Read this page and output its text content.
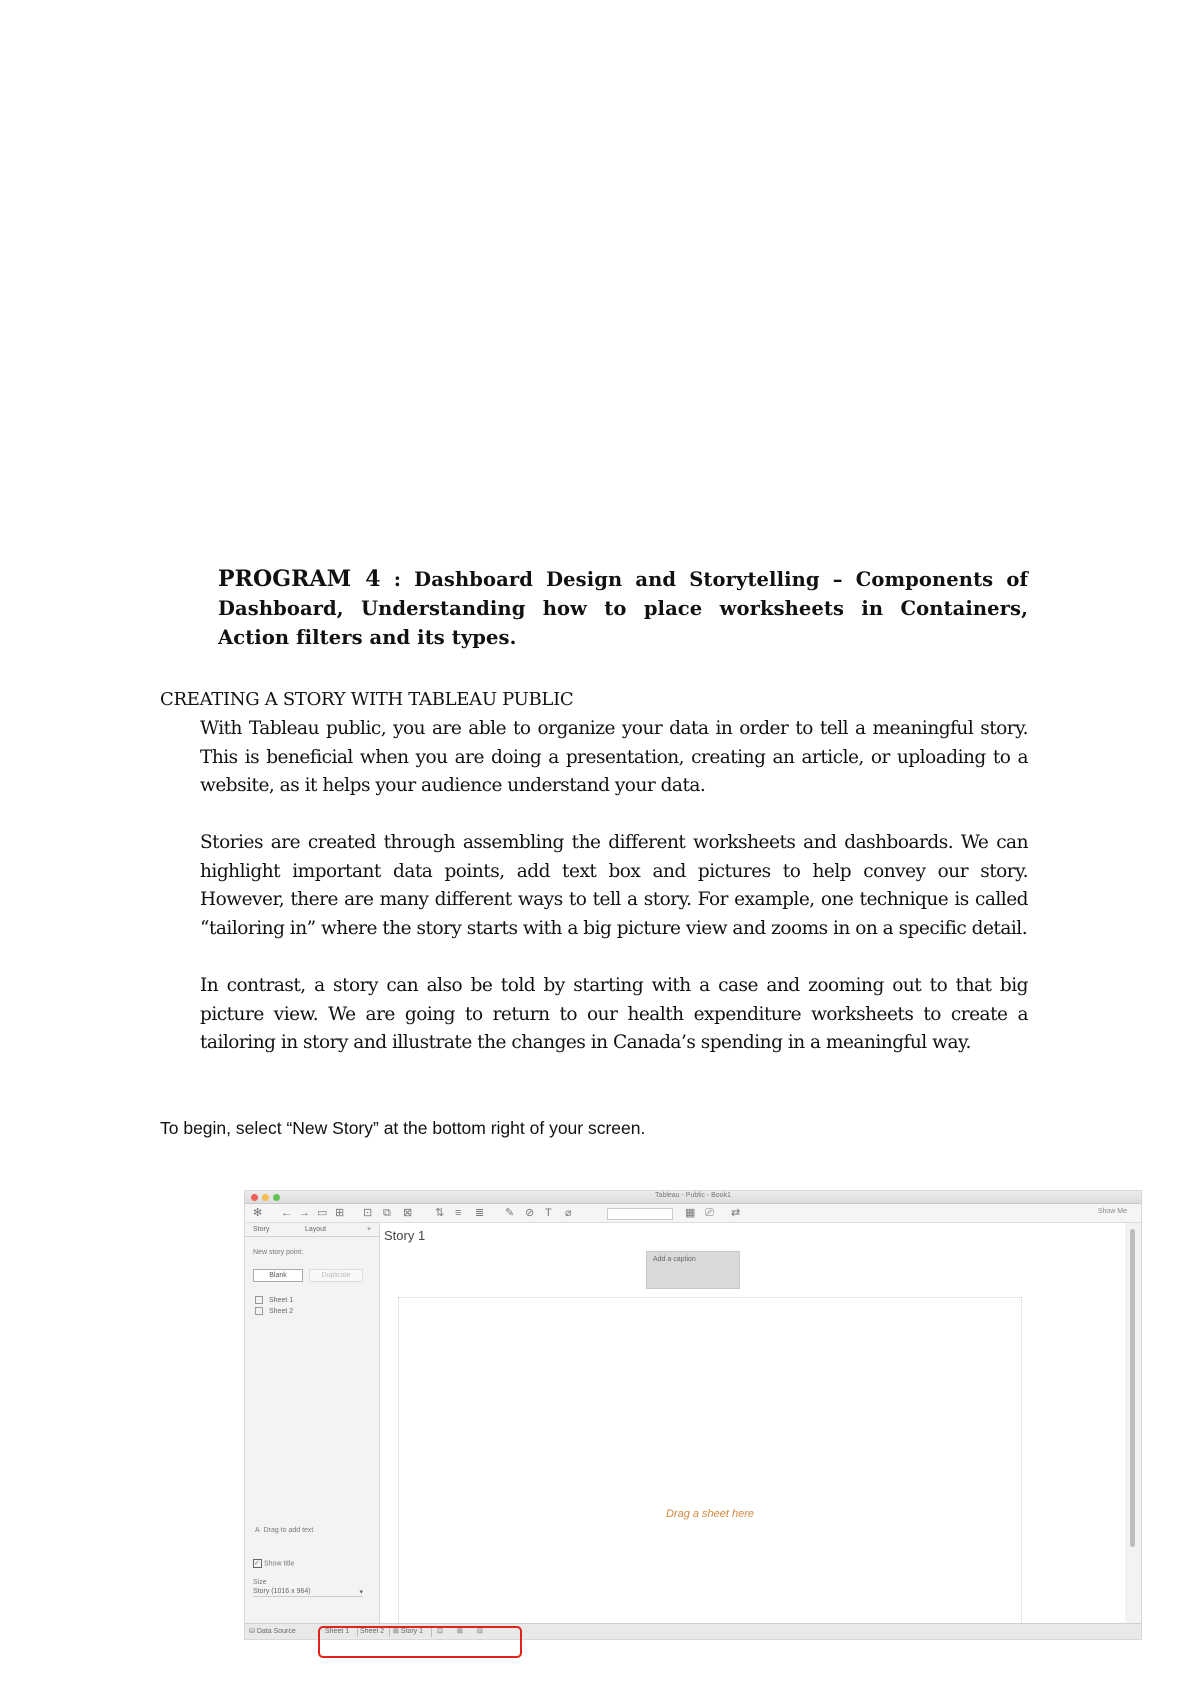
PROGRAM 4 : Dashboard Design and Storytelling – Components of Dashboard, Understanding how to place worksheets in Containers, Action filters and its types.
CREATING A STORY WITH TABLEAU PUBLIC

With Tableau public, you are able to organize your data in order to tell a meaningful story. This is beneficial when you are doing a presentation, creating an article, or uploading to a website, as it helps your audience understand your data.

Stories are created through assembling the different worksheets and dashboards. We can highlight important data points, add text box and pictures to help convey our story. However, there are many different ways to tell a story. For example, one technique is called “tailoring in” where the story starts with a big picture view and zooms in on a specific detail.

In contrast, a story can also be told by starting with a case and zooming out to that big picture view. We are going to return to our health expenditure worksheets to create a tailoring in story and illustrate the changes in Canada’s spending in a meaningful way.

To begin, select “New Story” at the bottom right of your screen.
Tableau - Public - Book1
✻ ← → ▭ ⊞ ⊡ ⧉ ⊠ ⇅ ≡ ≣ ✎ ⊘ T ⌀	▦ ⎚ ⇄	Show Me
Story	Layout	+
New story point:
Blank	Duplicate
Sheet 1
Sheet 2
A Drag to add text
✓ Show title
Size
Story (1016 x 964)	▾
Story 1
Add a caption
Drag a sheet here
⛁ Data Source	Sheet 1 Sheet 2 ⊞ Story 1 ⊡ ⊞ ⊟
